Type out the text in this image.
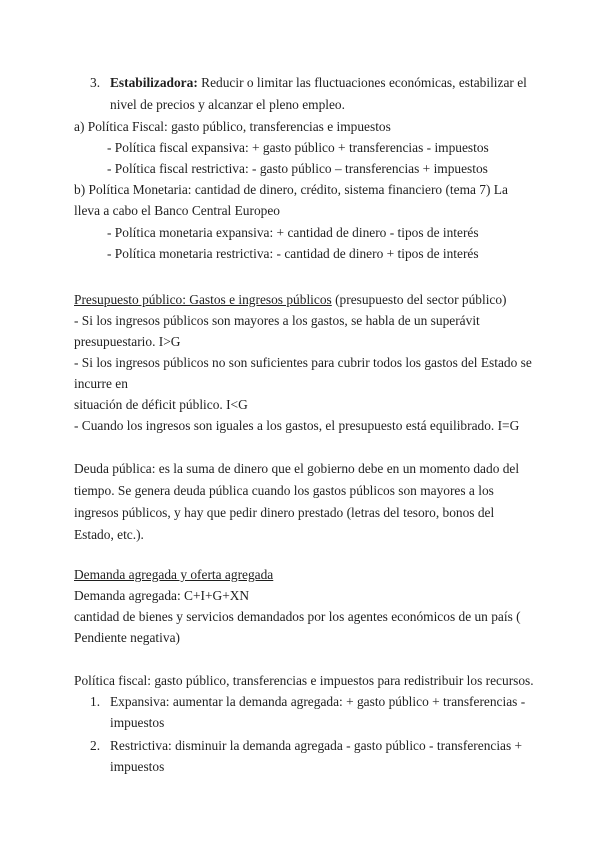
3. Estabilizadora: Reducir o limitar las fluctuaciones económicas, estabilizar el
nivel de precios y alcanzar el pleno empleo.
a) Política Fiscal: gasto público, transferencias e impuestos
- Política fiscal expansiva: + gasto público + transferencias - impuestos
- Política fiscal restrictiva: - gasto público – transferencias + impuestos
b) Política Monetaria: cantidad de dinero, crédito, sistema financiero (tema 7) La
lleva a cabo el Banco Central Europeo
- Política monetaria expansiva: + cantidad de dinero - tipos de interés
- Política monetaria restrictiva: - cantidad de dinero + tipos de interés
Presupuesto público: Gastos e ingresos públicos (presupuesto del sector público)
- Si los ingresos públicos son mayores a los gastos, se habla de un superávit
presupuestario. I>G
- Si los ingresos públicos no son suficientes para cubrir todos los gastos del Estado se
incurre en
situación de déficit público. I<G
- Cuando los ingresos son iguales a los gastos, el presupuesto está equilibrado. I=G
Deuda pública: es la suma de dinero que el gobierno debe en un momento dado del
tiempo. Se genera deuda pública cuando los gastos públicos son mayores a los
ingresos públicos, y hay que pedir dinero prestado (letras del tesoro, bonos del
Estado, etc.).
Demanda agregada y oferta agregada
Demanda agregada: C+I+G+XN
cantidad de bienes y servicios demandados por los agentes económicos de un país (
Pendiente negativa)
Política fiscal: gasto público, transferencias e impuestos para redistribuir los recursos.
1. Expansiva: aumentar la demanda agregada: + gasto público + transferencias -
impuestos
2. Restrictiva: disminuir la demanda agregada - gasto público - transferencias +
impuestos
